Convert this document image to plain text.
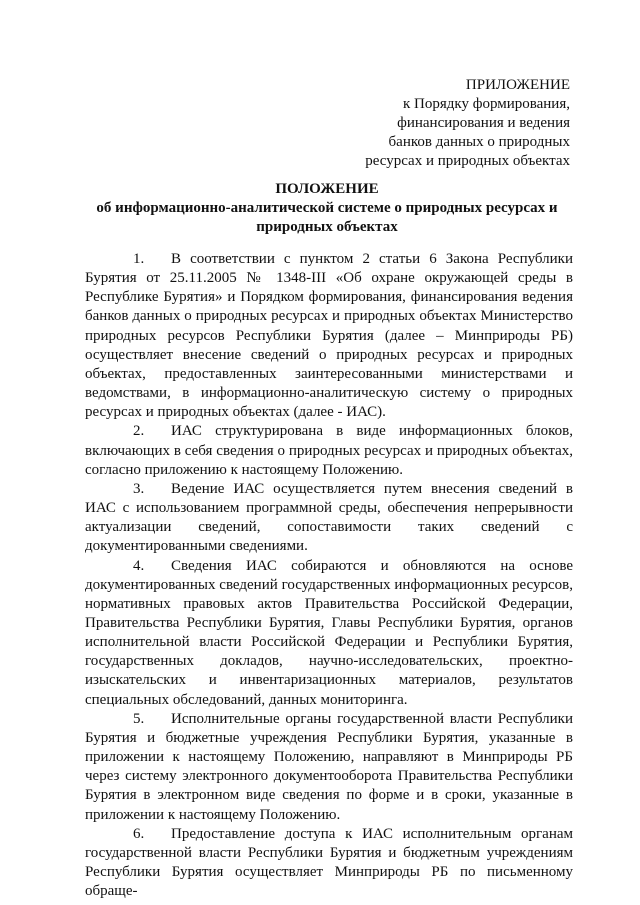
ПРИЛОЖЕНИЕ
к Порядку формирования,
финансирования и ведения
банков данных о природных
ресурсах и природных объектах
ПОЛОЖЕНИЕ
об информационно-аналитической системе о природных ресурсах и
природных объектах

1. В соответствии с пунктом 2 статьи 6 Закона Республики Бурятия от 25.11.2005 № 1348-III «Об охране окружающей среды в Республике Бурятия» и Порядком формирования, финансирования ведения банков данных о природных ресурсах и природных объектах Министерство природных ресурсов Республики Бурятия (далее – Минприроды РБ) осуществляет внесение сведений о природных ресурсах и природных объектах, предоставленных заинтересованными министерствами и ведомствами, в информационно-аналитическую систему о природных ресурсах и природных объектах (далее - ИАС).

2. ИАС структурирована в виде информационных блоков, включающих в себя сведения о природных ресурсах и природных объектах, согласно приложению к настоящему Положению.

3. Ведение ИАС осуществляется путем внесения сведений в ИАС с использованием программной среды, обеспечения непрерывности актуализации сведений, сопоставимости таких сведений с документированными сведениями.

4. Сведения ИАС собираются и обновляются на основе документированных сведений государственных информационных ресурсов, нормативных правовых актов Правительства Российской Федерации, Правительства Республики Бурятия, Главы Республики Бурятия, органов исполнительной власти Российской Федерации и Республики Бурятия, государственных докладов, научно-исследовательских, проектно-изыскательских и инвентаризационных материалов, результатов специальных обследований, данных мониторинга.

5. Исполнительные органы государственной власти Республики Бурятия и бюджетные учреждения Республики Бурятия, указанные в приложении к настоящему Положению, направляют в Минприроды РБ через систему электронного документооборота Правительства Республики Бурятия в электронном виде сведения по форме и в сроки, указанные в приложении к настоящему Положению.

6. Предоставление доступа к ИАС исполнительным органам государственной власти Республики Бурятия и бюджетным учреждениям Республики Бурятия осуществляет Минприроды РБ по письменному обраще-
